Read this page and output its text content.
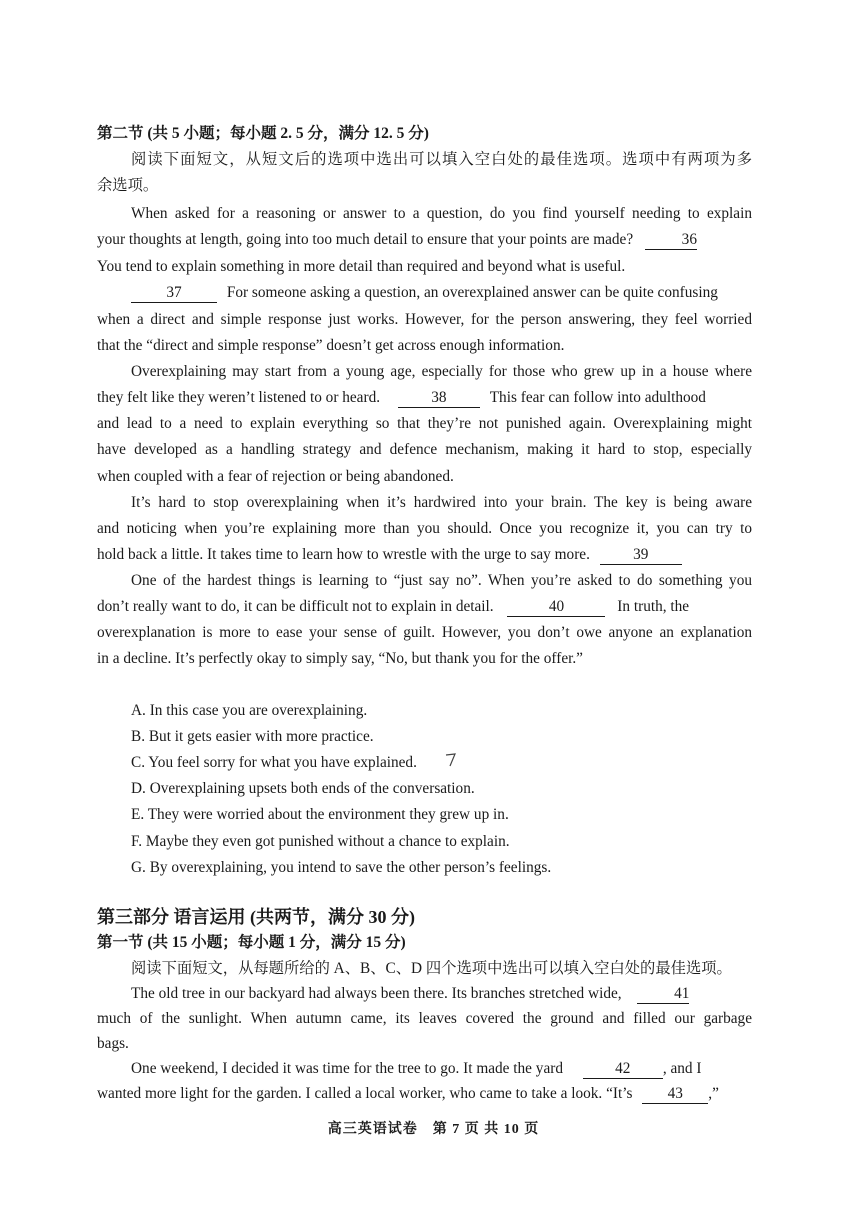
第二节 (共 5 小题；每小题 2. 5 分，满分 12. 5 分)
阅读下面短文，从短文后的选项中选出可以填入空白处的最佳选项。选项中有两项为多
余选项。
When asked for a reasoning or answer to a question, do you find yourself needing to explain
your thoughts at length, going into too much detail to ensure that your points are made?	36
You tend to explain something in more detail than required and beyond what is useful.
37	For someone asking a question, an overexplained answer can be quite confusing
when a direct and simple response just works. However, for the person answering, they feel worried
that the “direct and simple response” doesn’t get across enough information.
Overexplaining may start from a young age, especially for those who grew up in a house where
they felt like they weren’t listened to or heard.	38	This fear can follow into adulthood
and lead to a need to explain everything so that they’re not punished again. Overexplaining might
have developed as a handling strategy and defence mechanism, making it hard to stop, especially
when coupled with a fear of rejection or being abandoned.
It’s hard to stop overexplaining when it’s hardwired into your brain. The key is being aware
and noticing when you’re explaining more than you should. Once you recognize it, you can try to
hold back a little. It takes time to learn how to wrestle with the urge to say more.	39
One of the hardest things is learning to “just say no”. When you’re asked to do something you
don’t really want to do, it can be difficult not to explain in detail.	40	In truth, the
overexplanation is more to ease your sense of guilt. However, you don’t owe anyone an explanation
in a decline. It’s perfectly okay to simply say, “No, but thank you for the offer.”
A. In this case you are overexplaining.
B. But it gets easier with more practice.
C. You feel sorry for what you have explained.
D. Overexplaining upsets both ends of the conversation.
E. They were worried about the environment they grew up in.
F. Maybe they even got punished without a chance to explain.
G. By overexplaining, you intend to save the other person’s feelings.
第三部分 语言运用 (共两节，满分 30 分)
第一节 (共 15 小题；每小题 1 分，满分 15 分)
阅读下面短文，从每题所给的 A、B、C、D 四个选项中选出可以填入空白处的最佳选项。
The old tree in our backyard had always been there. Its branches stretched wide,	41
much of the sunlight. When autumn came, its leaves covered the ground and filled our garbage
bags.
One weekend, I decided it was time for the tree to go. It made the yard	42 , and I
wanted more light for the garden. I called a local worker, who came to take a look. “It’s 43 ,”
高三英语试卷　第 7 页 共 10 页
